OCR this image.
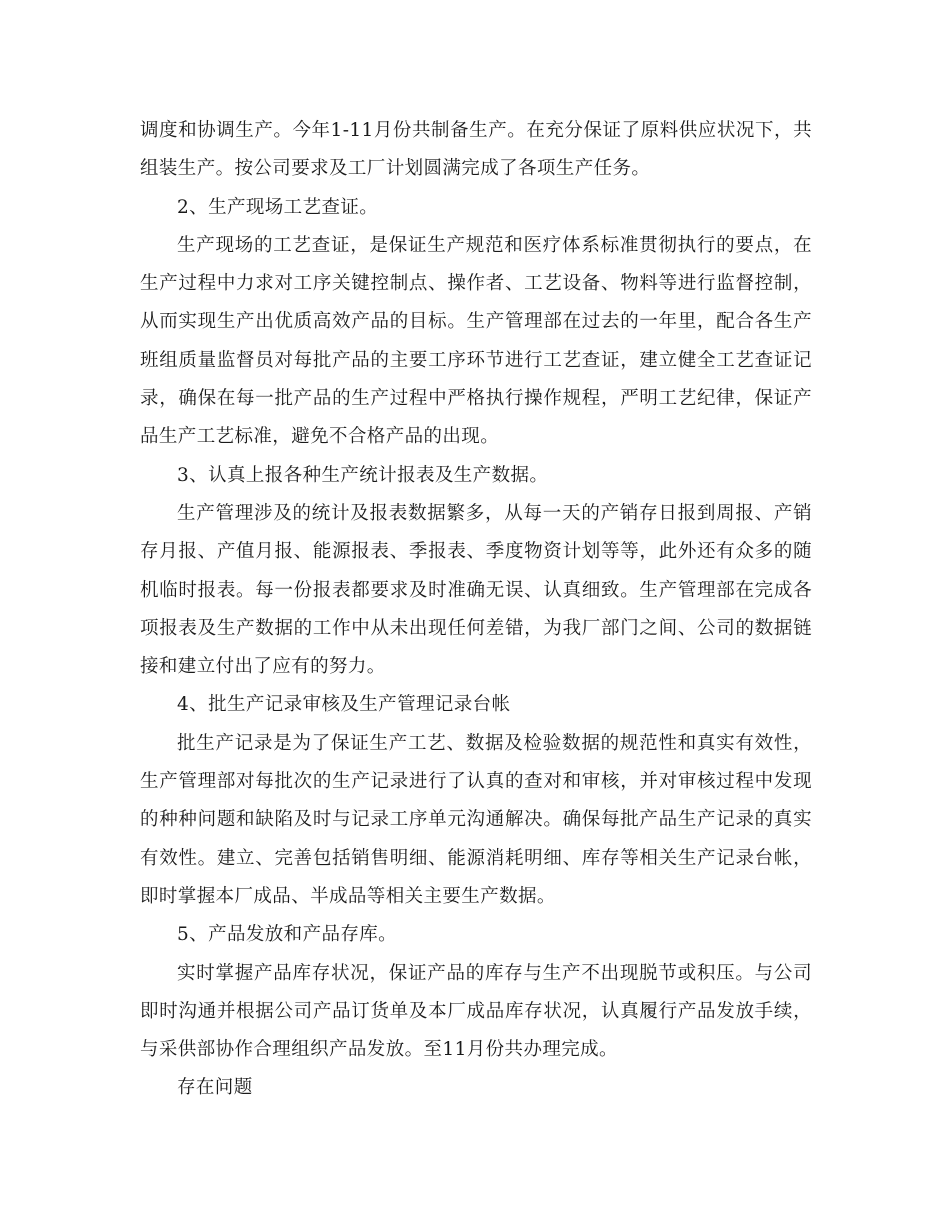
调度和协调生产。今年1-11月份共制备生产。在充分保证了原料供应状况下，共组装生产。按公司要求及工厂计划圆满完成了各项生产任务。

2、生产现场工艺查证。

生产现场的工艺查证，是保证生产规范和医疗体系标准贯彻执行的要点，在生产过程中力求对工序关键控制点、操作者、工艺设备、物料等进行监督控制，从而实现生产出优质高效产品的目标。生产管理部在过去的一年里，配合各生产班组质量监督员对每批产品的主要工序环节进行工艺查证，建立健全工艺查证记录，确保在每一批产品的生产过程中严格执行操作规程，严明工艺纪律，保证产品生产工艺标准，避免不合格产品的出现。

3、认真上报各种生产统计报表及生产数据。

生产管理涉及的统计及报表数据繁多，从每一天的产销存日报到周报、产销存月报、产值月报、能源报表、季报表、季度物资计划等等，此外还有众多的随机临时报表。每一份报表都要求及时准确无误、认真细致。生产管理部在完成各项报表及生产数据的工作中从未出现任何差错，为我厂部门之间、公司的数据链接和建立付出了应有的努力。

4、批生产记录审核及生产管理记录台帐

批生产记录是为了保证生产工艺、数据及检验数据的规范性和真实有效性，生产管理部对每批次的生产记录进行了认真的查对和审核，并对审核过程中发现的种种问题和缺陷及时与记录工序单元沟通解决。确保每批产品生产记录的真实有效性。建立、完善包括销售明细、能源消耗明细、库存等相关生产记录台帐，即时掌握本厂成品、半成品等相关主要生产数据。

5、产品发放和产品存库。

实时掌握产品库存状况，保证产品的库存与生产不出现脱节或积压。与公司即时沟通并根据公司产品订货单及本厂成品库存状况，认真履行产品发放手续，与采供部协作合理组织产品发放。至11月份共办理完成。

存在问题
